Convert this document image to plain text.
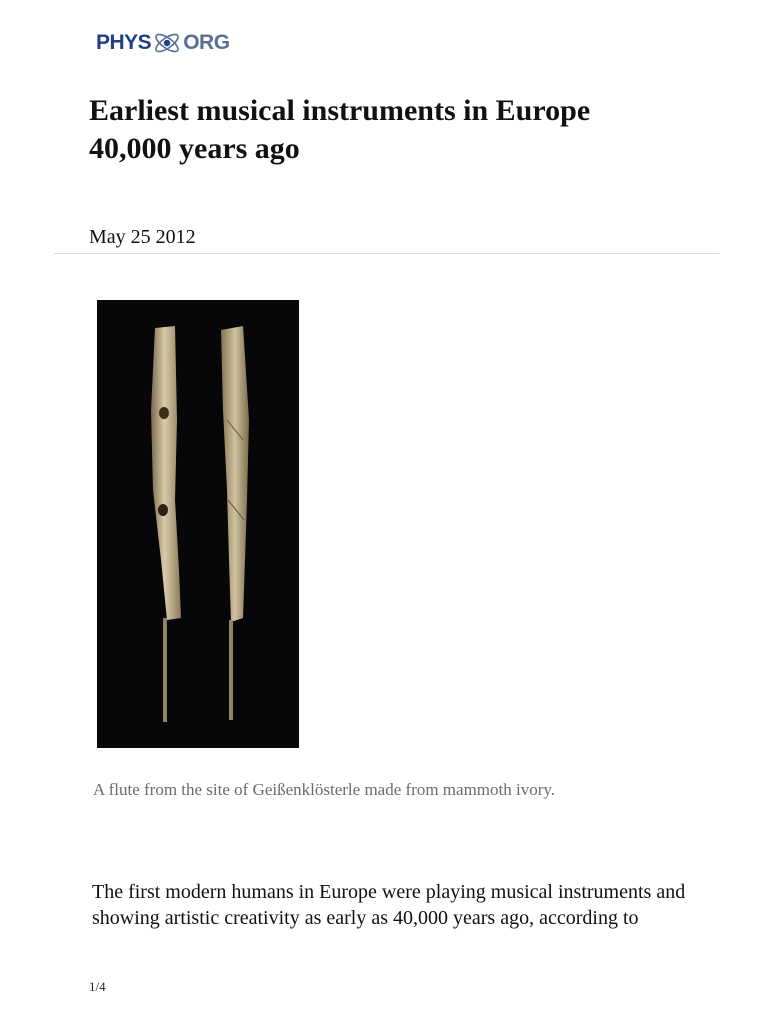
PHYS ORG
Earliest musical instruments in Europe 40,000 years ago
May 25 2012
A flute from the site of Geißenklösterle made from mammoth ivory.

The first modern humans in Europe were playing musical instruments and showing artistic creativity as early as 40,000 years ago, according to

1/4
